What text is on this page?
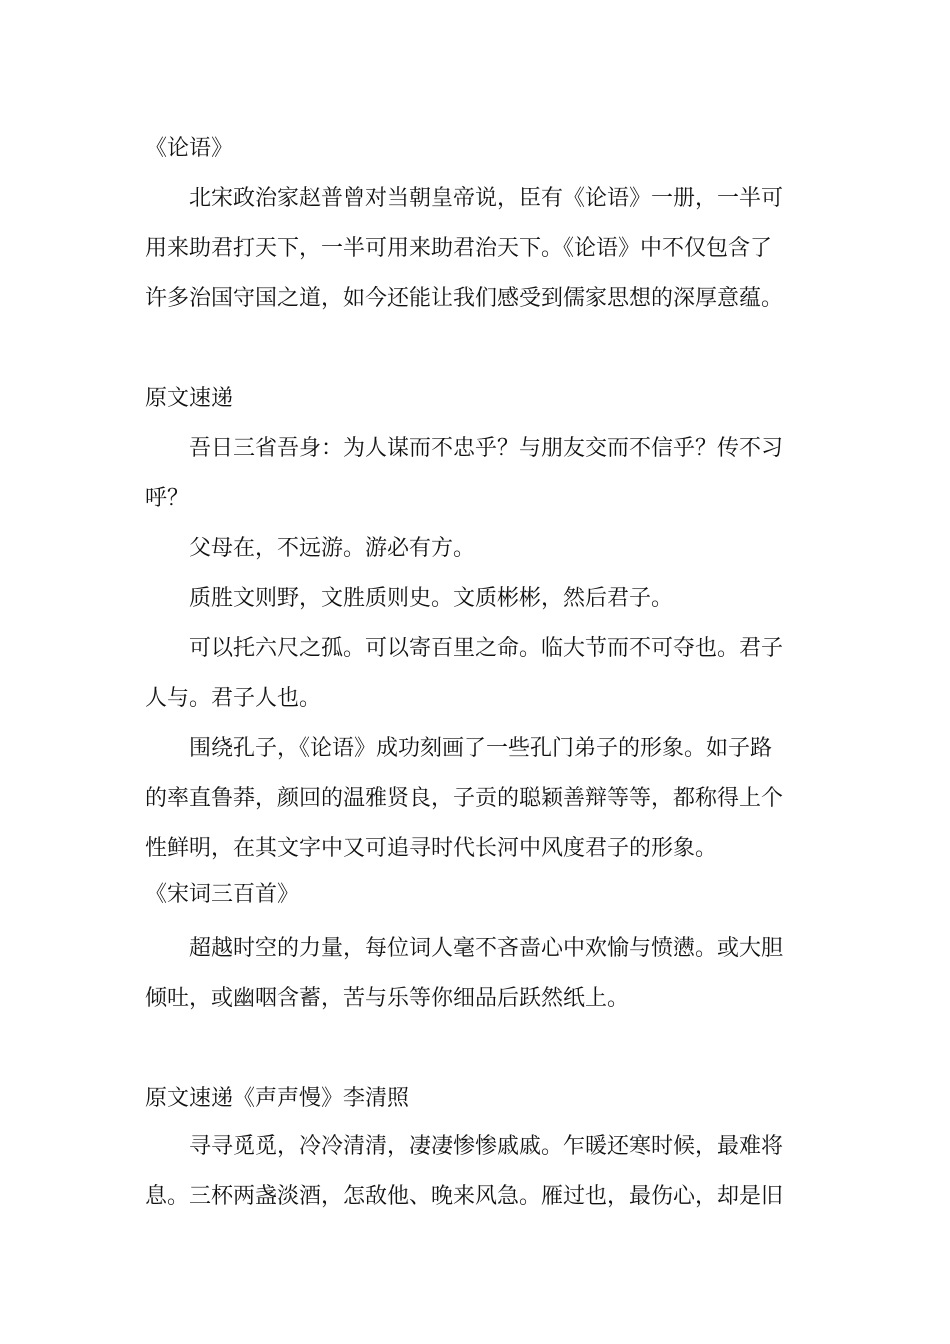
《论语》
北宋政治家赵普曾对当朝皇帝说，臣有《论语》一册，一半可
用来助君打天下，一半可用来助君治天下。《论语》中不仅包含了
许多治国守国之道，如今还能让我们感受到儒家思想的深厚意蕴。
原文速递
吾日三省吾身：为人谋而不忠乎？与朋友交而不信乎？传不习
呼？
父母在，不远游。游必有方。
质胜文则野，文胜质则史。文质彬彬，然后君子。
可以托六尺之孤。可以寄百里之命。临大节而不可夺也。君子
人与。君子人也。
围绕孔子，《论语》成功刻画了一些孔门弟子的形象。如子路
的率直鲁莽，颜回的温雅贤良，子贡的聪颖善辩等等，都称得上个
性鲜明，在其文字中又可追寻时代长河中风度君子的形象。
《宋词三百首》
超越时空的力量，每位词人毫不吝啬心中欢愉与愤懑。或大胆
倾吐，或幽咽含蓄，苦与乐等你细品后跃然纸上。
原文速递《声声慢》李清照
寻寻觅觅，冷冷清清，凄凄惨惨戚戚。乍暖还寒时候，最难将
息。三杯两盏淡酒，怎敌他、晚来风急。雁过也，最伤心，却是旧
